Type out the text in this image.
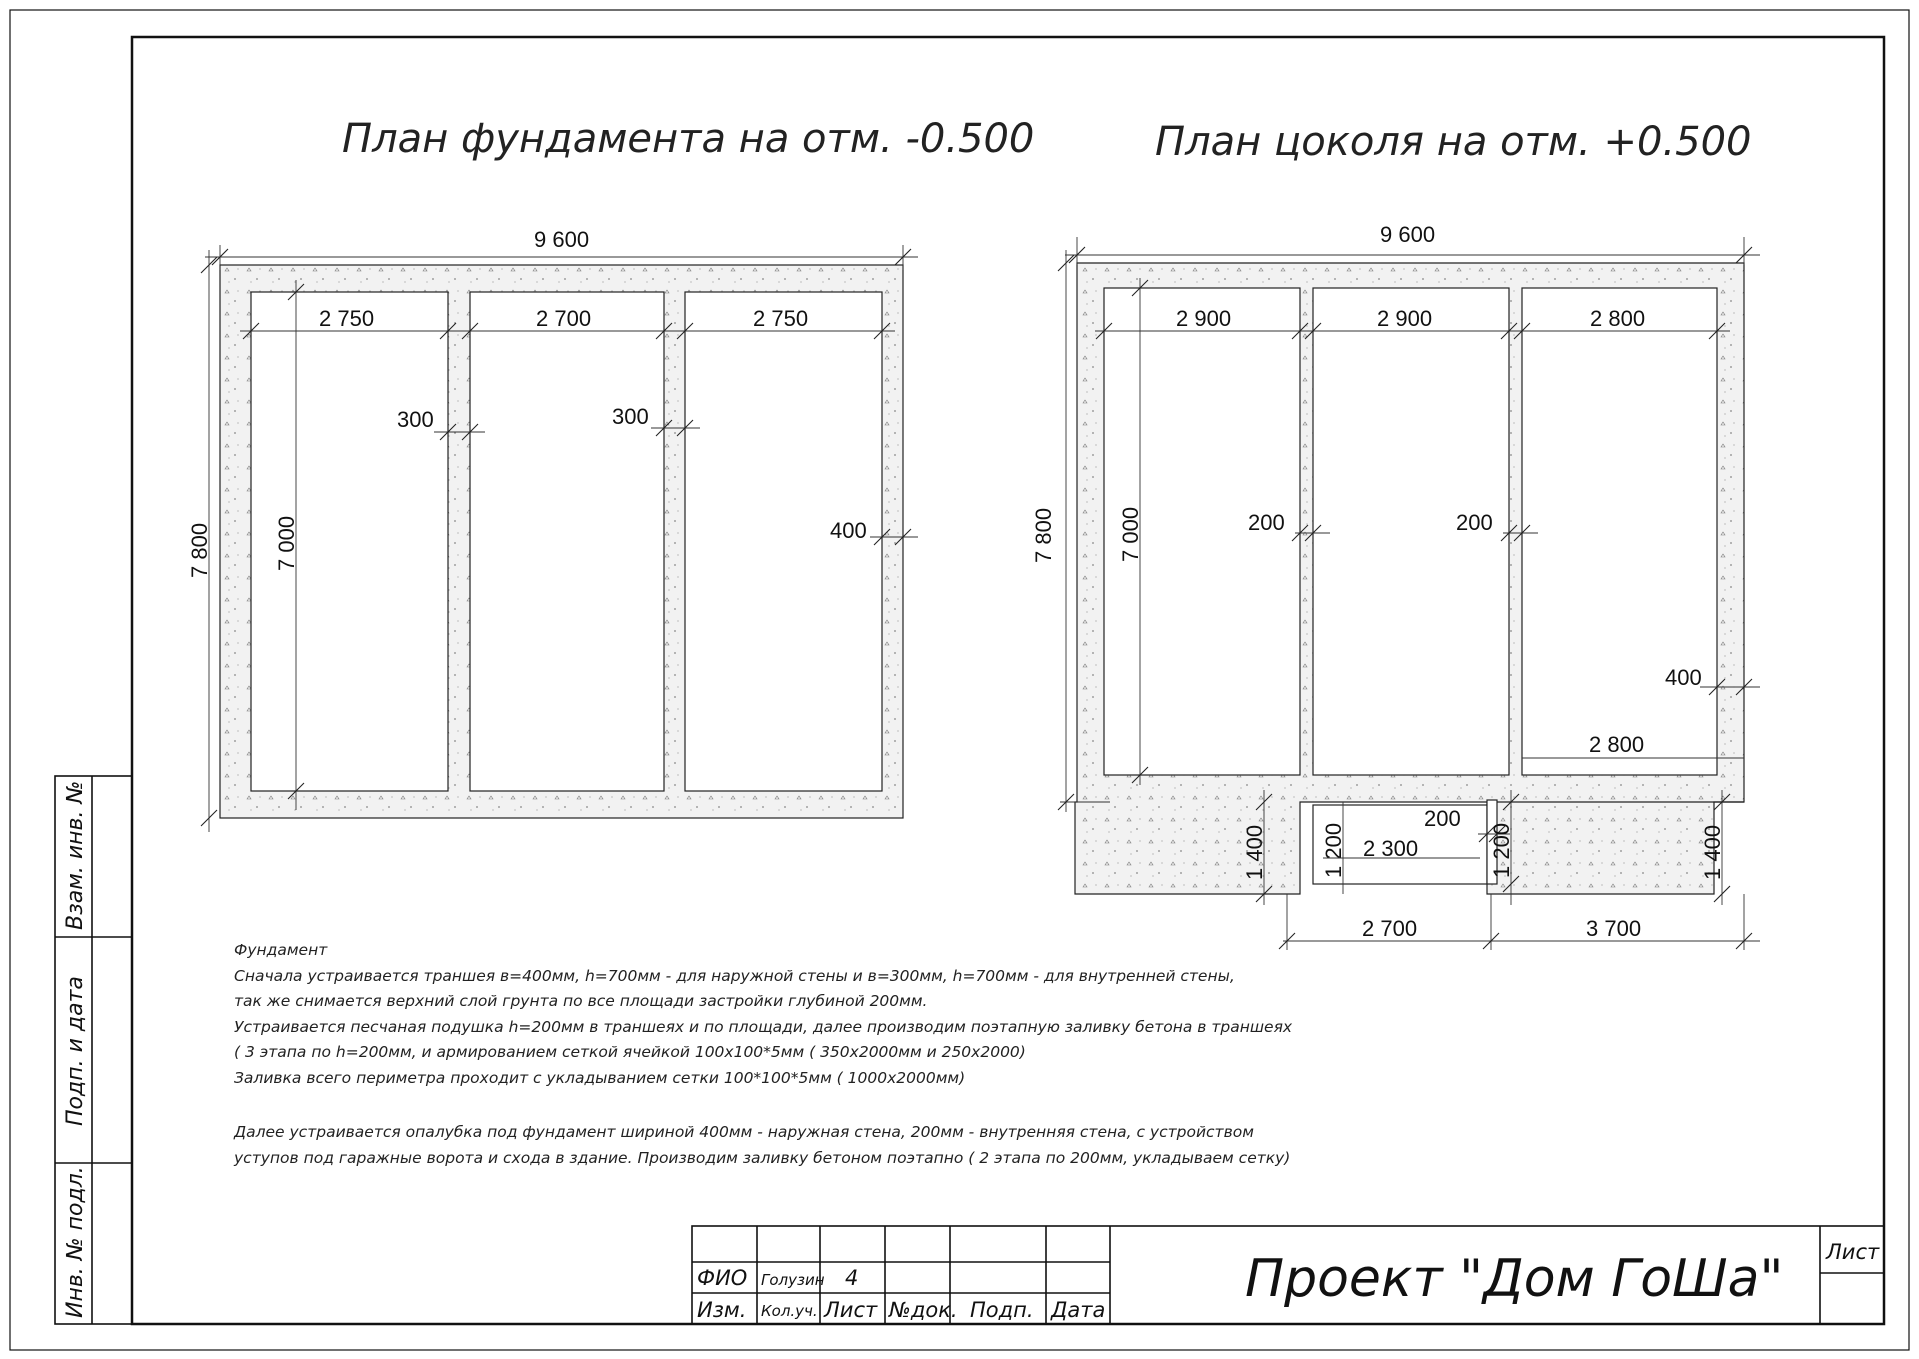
План фундамента на отм. -0.500
9 600
7 800
2 750	2 700	2 750
7 000
300	300
400
План цоколя на отм. +0.500
9 600
7 800
2 900	2 900	2 800
7 000	200	200
400
2 800
200
1 400 1 200 2 300	1 200	1 400
2 700	3 700
Фундамент
Сначала устраивается траншея в=400мм, h=700мм - для наружной стены и в=300мм, h=700мм - для внутренней стены,
так же снимается верхний слой грунта по все площади застройки глубиной 200мм.
Устраивается песчаная подушка h=200мм в траншеях и по площади, далее производим поэтапную заливку бетона в траншеях
( 3 этапа по h=200мм, и армированием сеткой ячейкой 100х100*5мм ( 350х2000мм и 250х2000)
Заливка всего периметра проходит с укладыванием сетки 100*100*5мм ( 1000х2000мм)
Далее устраивается опалубка под фундамент шириной 400мм - наружная стена, 200мм - внутренняя стена, с устройством
уступов под гаражные ворота и схода в здание. Производим заливку бетоном поэтапно ( 2 этапа по 200мм, укладываем сетку)
Взам. инв. №
Подп. и дата
Инв. № подл.	ФИО Голузин 4
Изм. Кол.уч. Лист №док. Подп. Дата
Проект "Дом ГоШа" Лист
